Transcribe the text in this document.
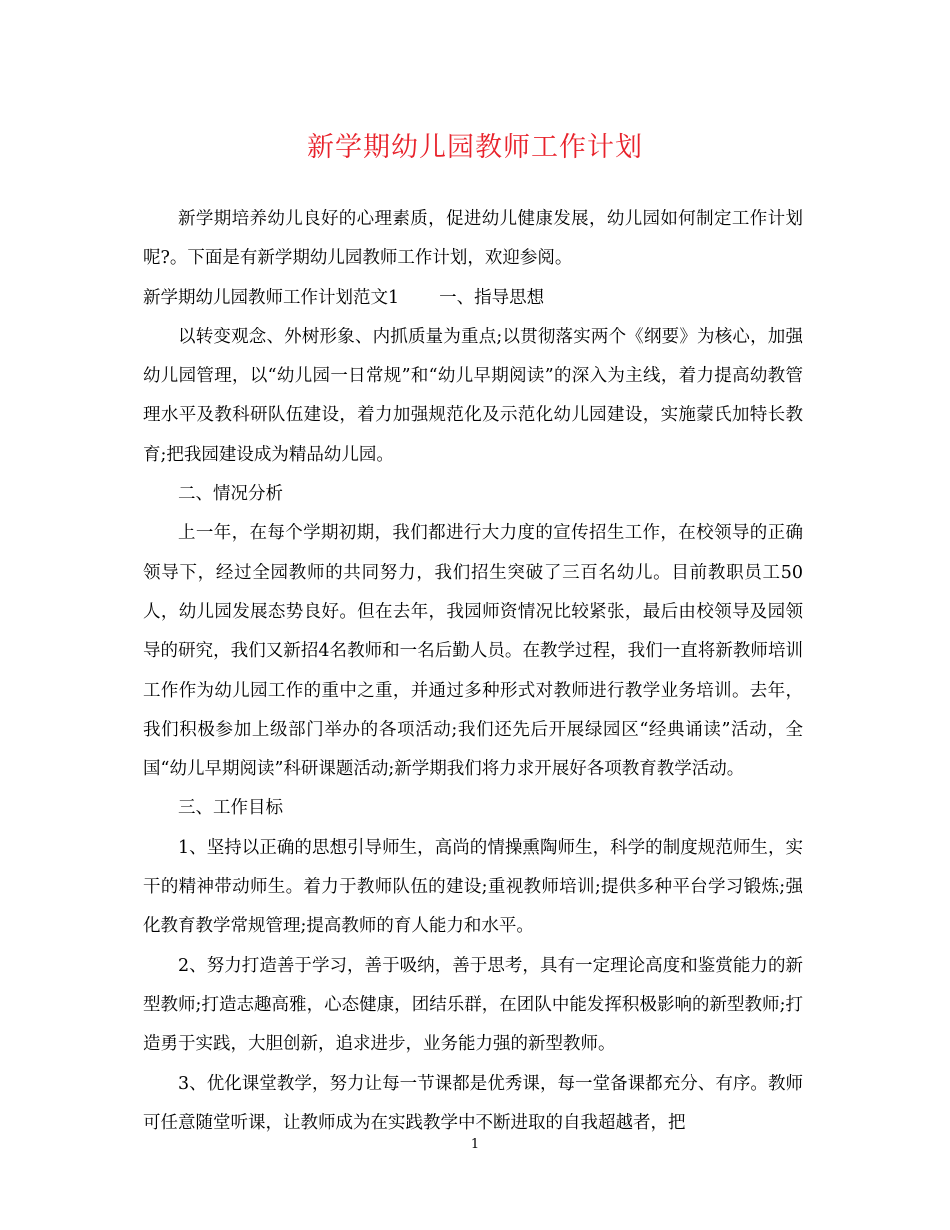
新学期幼儿园教师工作计划

新学期培养幼儿良好的心理素质，促进幼儿健康发展，幼儿园如何制定工作计划呢?。下面是有新学期幼儿园教师工作计划，欢迎参阅。

新学期幼儿园教师工作计划范文1 一、指导思想

以转变观念、外树形象、内抓质量为重点;以贯彻落实两个《纲要》为核心，加强幼儿园管理，以“幼儿园一日常规”和“幼儿早期阅读”的深入为主线，着力提高幼教管理水平及教科研队伍建设，着力加强规范化及示范化幼儿园建设，实施蒙氏加特长教育;把我园建设成为精品幼儿园。

二、情况分析

上一年，在每个学期初期，我们都进行大力度的宣传招生工作，在校领导的正确领导下，经过全园教师的共同努力，我们招生突破了三百名幼儿。目前教职员工50人，幼儿园发展态势良好。但在去年，我园师资情况比较紧张，最后由校领导及园领导的研究，我们又新招4名教师和一名后勤人员。在教学过程，我们一直将新教师培训工作作为幼儿园工作的重中之重，并通过多种形式对教师进行教学业务培训。去年，我们积极参加上级部门举办的各项活动;我们还先后开展绿园区“经典诵读”活动，全国“幼儿早期阅读”科研课题活动;新学期我们将力求开展好各项教育教学活动。

三、工作目标

1、坚持以正确的思想引导师生，高尚的情操熏陶师生，科学的制度规范师生，实干的精神带动师生。着力于教师队伍的建设;重视教师培训;提供多种平台学习锻炼;强化教育教学常规管理;提高教师的育人能力和水平。

2、努力打造善于学习，善于吸纳，善于思考，具有一定理论高度和鉴赏能力的新型教师;打造志趣高雅，心态健康，团结乐群，在团队中能发挥积极影响的新型教师;打造勇于实践，大胆创新，追求进步，业务能力强的新型教师。

3、优化课堂教学，努力让每一节课都是优秀课，每一堂备课都充分、有序。教师可任意随堂听课，让教师成为在实践教学中不断进取的自我超越者，把

1
